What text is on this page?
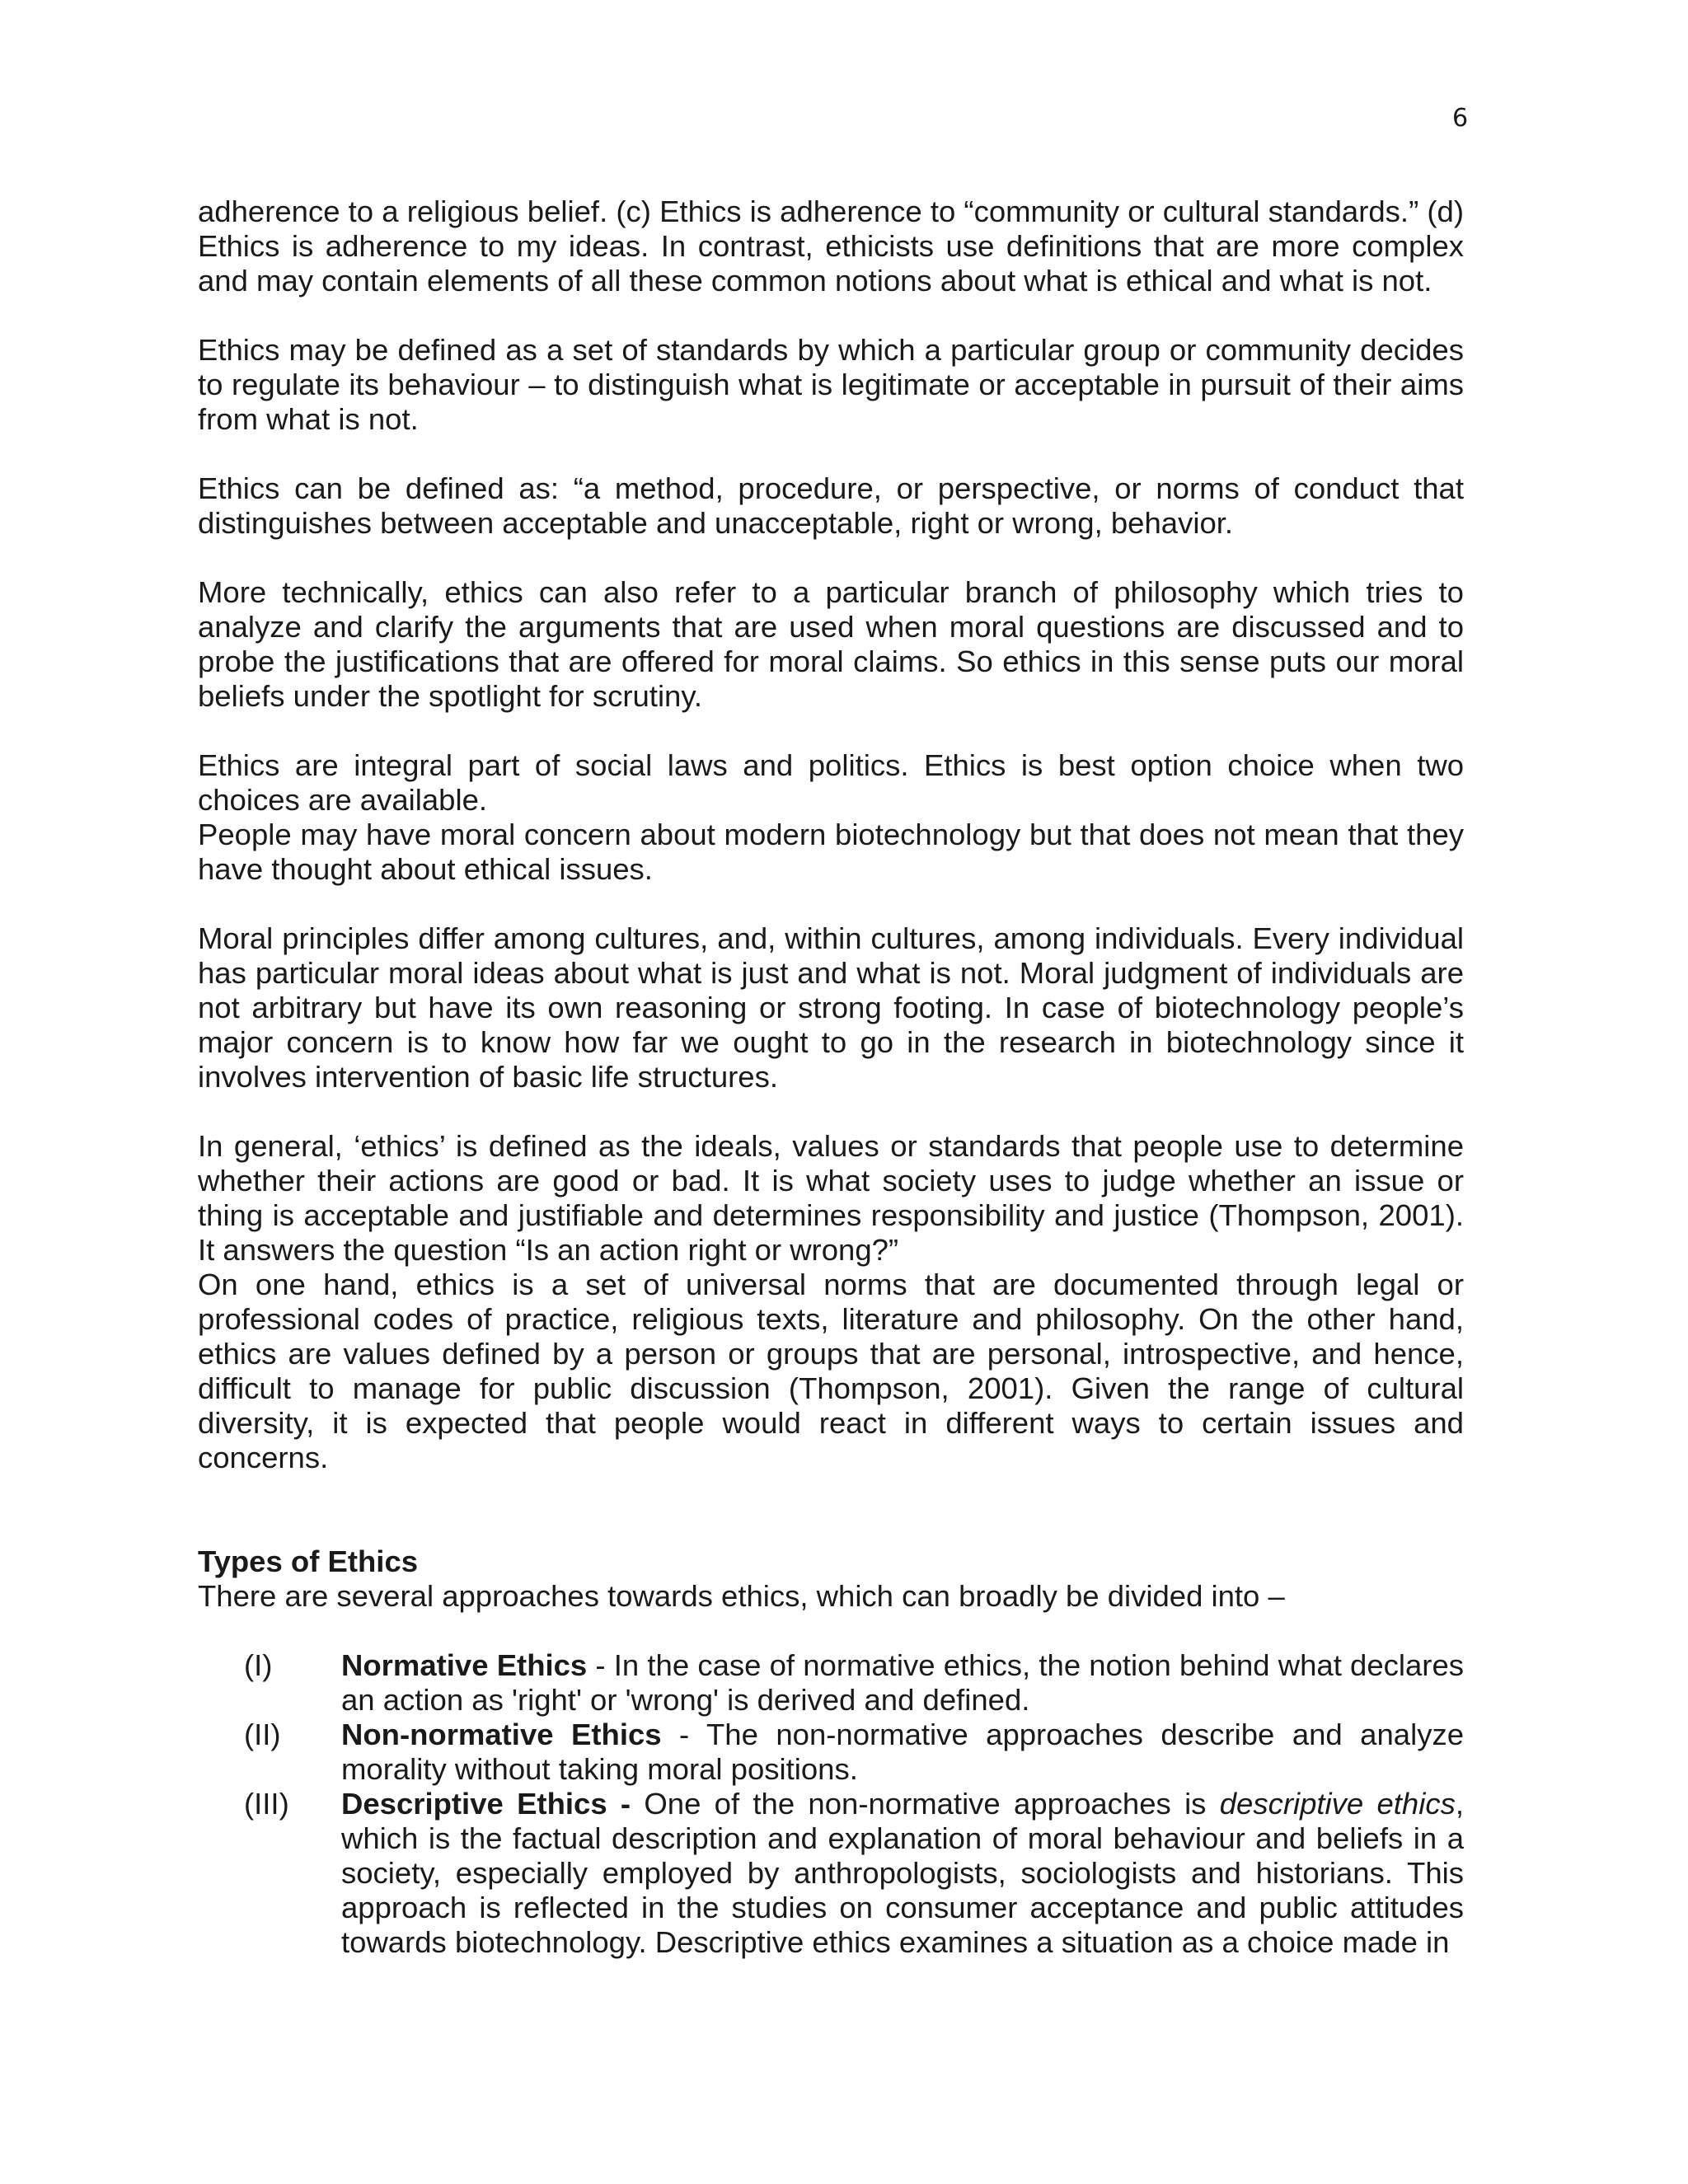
6

adherence to a religious belief. (c) Ethics is adherence to “community or cultural standards.” (d) Ethics is adherence to my ideas. In contrast, ethicists use definitions that are more complex and may contain elements of all these common notions about what is ethical and what is not.

Ethics may be defined as a set of standards by which a particular group or community decides to regulate its behaviour – to distinguish what is legitimate or acceptable in pursuit of their aims from what is not.

Ethics can be defined as: “a method, procedure, or perspective, or norms of conduct that distinguishes between acceptable and unacceptable, right or wrong, behavior.

More technically, ethics can also refer to a particular branch of philosophy which tries to analyze and clarify the arguments that are used when moral questions are discussed and to probe the justifications that are offered for moral claims. So ethics in this sense puts our moral beliefs under the spotlight for scrutiny.

Ethics are integral part of social laws and politics. Ethics is best option choice when two choices are available.

People may have moral concern about modern biotechnology but that does not mean that they have thought about ethical issues.

Moral principles differ among cultures, and, within cultures, among individuals. Every individual has particular moral ideas about what is just and what is not. Moral judgment of individuals are not arbitrary but have its own reasoning or strong footing. In case of biotechnology people’s major concern is to know how far we ought to go in the research in biotechnology since it involves intervention of basic life structures.

In general, ‘ethics’ is defined as the ideals, values or standards that people use to determine whether their actions are good or bad. It is what society uses to judge whether an issue or thing is acceptable and justifiable and determines responsibility and justice (Thompson, 2001). It answers the question “Is an action right or wrong?”

On one hand, ethics is a set of universal norms that are documented through legal or professional codes of practice, religious texts, literature and philosophy. On the other hand, ethics are values defined by a person or groups that are personal, introspective, and hence, difficult to manage for public discussion (Thompson, 2001). Given the range of cultural diversity, it is expected that people would react in different ways to certain issues and concerns.

Types of Ethics

There are several approaches towards ethics, which can broadly be divided into –

(I)	Normative Ethics - In the case of normative ethics, the notion behind what declares an action as 'right' or 'wrong' is derived and defined.
(II)	Non-normative Ethics - The non-normative approaches describe and analyze morality without taking moral positions.
(III) Descriptive Ethics - One of the non-normative approaches is descriptive ethics, which is the factual description and explanation of moral behaviour and beliefs in a society, especially employed by anthropologists, sociologists and historians. This approach is reflected in the studies on consumer acceptance and public attitudes towards biotechnology. Descriptive ethics examines a situation as a choice made in
